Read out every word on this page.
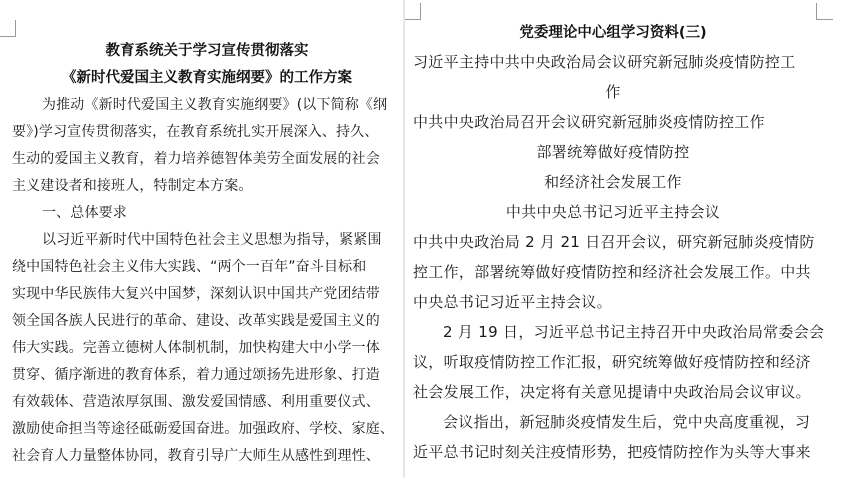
教育系统关于学习宣传贯彻落实
《新时代爱国主义教育实施纲要》的工作方案
为推动《新时代爱国主义教育实施纲要》(以下简称《纲
要》)学习宣传贯彻落实，在教育系统扎实开展深入、持久、
生动的爱国主义教育，着力培养德智体美劳全面发展的社会
主义建设者和接班人，特制定本方案。
一、总体要求
以习近平新时代中国特色社会主义思想为指导，紧紧围
绕中国特色社会主义伟大实践、“两个一百年”奋斗目标和
实现中华民族伟大复兴中国梦，深刻认识中国共产党团结带
领全国各族人民进行的革命、建设、改革实践是爱国主义的
伟大实践。完善立德树人体制机制，加快构建大中小学一体
贯穿、循序渐进的教育体系，着力通过颂扬先进形象、打造
有效载体、营造浓厚氛围、激发爱国情感、利用重要仪式、
激励使命担当等途径砥砺爱国奋进。加强政府、学校、家庭、
社会育人力量整体协同，教育引导广大师生从感性到理性、
党委理论中心组学习资料(三)
习近平主持中共中央政治局会议研究新冠肺炎疫情防控工
作
中共中央政治局召开会议研究新冠肺炎疫情防控工作
部署统筹做好疫情防控
和经济社会发展工作
中共中央总书记习近平主持会议
中共中央政治局 2 月 21 日召开会议，研究新冠肺炎疫情防
控工作，部署统筹做好疫情防控和经济社会发展工作。中共
中央总书记习近平主持会议。
2 月 19 日，习近平总书记主持召开中央政治局常委会会
议，听取疫情防控工作汇报，研究统筹做好疫情防控和经济
社会发展工作，决定将有关意见提请中央政治局会议审议。
会议指出，新冠肺炎疫情发生后，党中央高度重视，习
近平总书记时刻关注疫情形势，把疫情防控作为头等大事来
